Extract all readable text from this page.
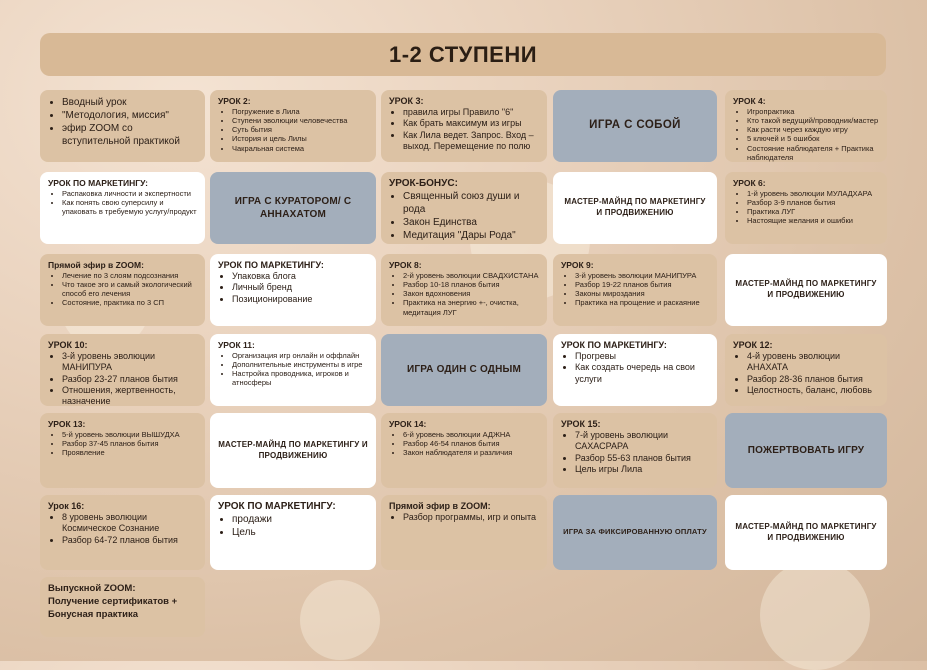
1-2 СТУПЕНИ
• Вводный урок
• "Методология, миссия"
• эфир ZOOM со вступительной практикой
УРОК 2:
• Погружение в Лила
• Ступени эволюции человечества
• Суть бытия
• История и цель Лилы
• Чакральная система
УРОК 3:
• правила игры Правило "6"
• Как брать максимум из игры
• Как Лила ведет. Запрос. Вход – выход. Перемещение по полю
ИГРА С СОБОЙ
УРОК 4:
• Игропрактика
• Кто такой ведущий/проводник/мастер
• Как расти через каждую игру
• 5 ключей и 5 ошибок
• Состояние наблюдателя + Практика наблюдателя
УРОК ПО МАРКЕТИНГУ:
• Распаковка личности и экспертности
• Как понять свою суперсилу и упаковать в требуемую услугу/продукт
ИГРА С КУРАТОРОМ/ С АННАХАТОМ
УРОК-БОНУС:
• Священный союз души и рода
• Закон Единства
• Медитация "Дары Рода"
МАСТЕР-МАЙНД ПО МАРКЕТИНГУ И ПРОДВИЖЕНИЮ
УРОК 6:
• 1-й уровень эволюции МУЛАДХАРА
• Разбор 3-9 планов бытия
• Практика ЛУГ
• Настоящие желания и ошибки
Прямой эфир в ZOOM:
• Лечение по 3 слоям подсознания
• Что такое эго и самый экологический способ его лечения
• Состояние, практика по 3 СП
УРОК ПО МАРКЕТИНГУ:
• Упаковка блога
• Личный бренд
• Позиционирование
УРОК 8:
• 2-й уровень эволюции СВАДХИСТАНА
• Разбор 10-18 планов бытия
• Закон вдохновения
• Практика на энергию +-, очистка, медитация ЛУГ
УРОК 9:
• 3-й уровень эволюции МАНИПУРА
• Разбор 19-22 планов бытия
• Законы мироздания
• Практика на прощение и раскаяние
МАСТЕР-МАЙНД ПО МАРКЕТИНГУ И ПРОДВИЖЕНИЮ
УРОК 10:
• 3-й уровень эволюции МАНИПУРА
• Разбор 23-27 планов бытия
• Отношения, жертвенность, назначение
УРОК 11:
• Организация игр онлайн и оффлайн
• Дополнительные инструменты в игре
• Настройка проводника, игроков и атносферы
ИГРА ОДИН С ОДНЫМ
УРОК ПО МАРКЕТИНГУ:
• Прогревы
• Как создать очередь на свои услуги
УРОК 12:
• 4-й уровень эволюции АНАХАТА
• Разбор 28-36 планов бытия
• Целостность, баланс, любовь
УРОК 13:
• 5-й уровень эволюции ВЫШУДХА
• Разбор 37-45 планов бытия
• Проявление
МАСТЕР-МАЙНД ПО МАРКЕТИНГУ И ПРОДВИЖЕНИЮ
УРОК 14:
• 6-й уровень эволюции АДЖНА
• Разбор 46-54 планов бытия
• Закон наблюдателя и различия
УРОК 15:
• 7-й уровень эволюции САХАСРАРА
• Разбор 55-63 планов бытия
• Цель игры Лила
ПОЖЕРТВОВАТЬ ИГРУ
Урок 16:
• 8 уровень эволюции Космическое Сознание
• Разбор 64-72 планов бытия
УРОК ПО МАРКЕТИНГУ:
• продажи
• Цель
Прямой эфир в ZOOM:
• Разбор программы, игр и опыта
ИГРА ЗА ФИКСИРОВАННУЮ ОПЛАТУ
МАСТЕР-МАЙНД ПО МАРКЕТИНГУ И ПРОДВИЖЕНИЮ
Выпускной ZOOM:
Получение сертификатов + Бонусная практика
